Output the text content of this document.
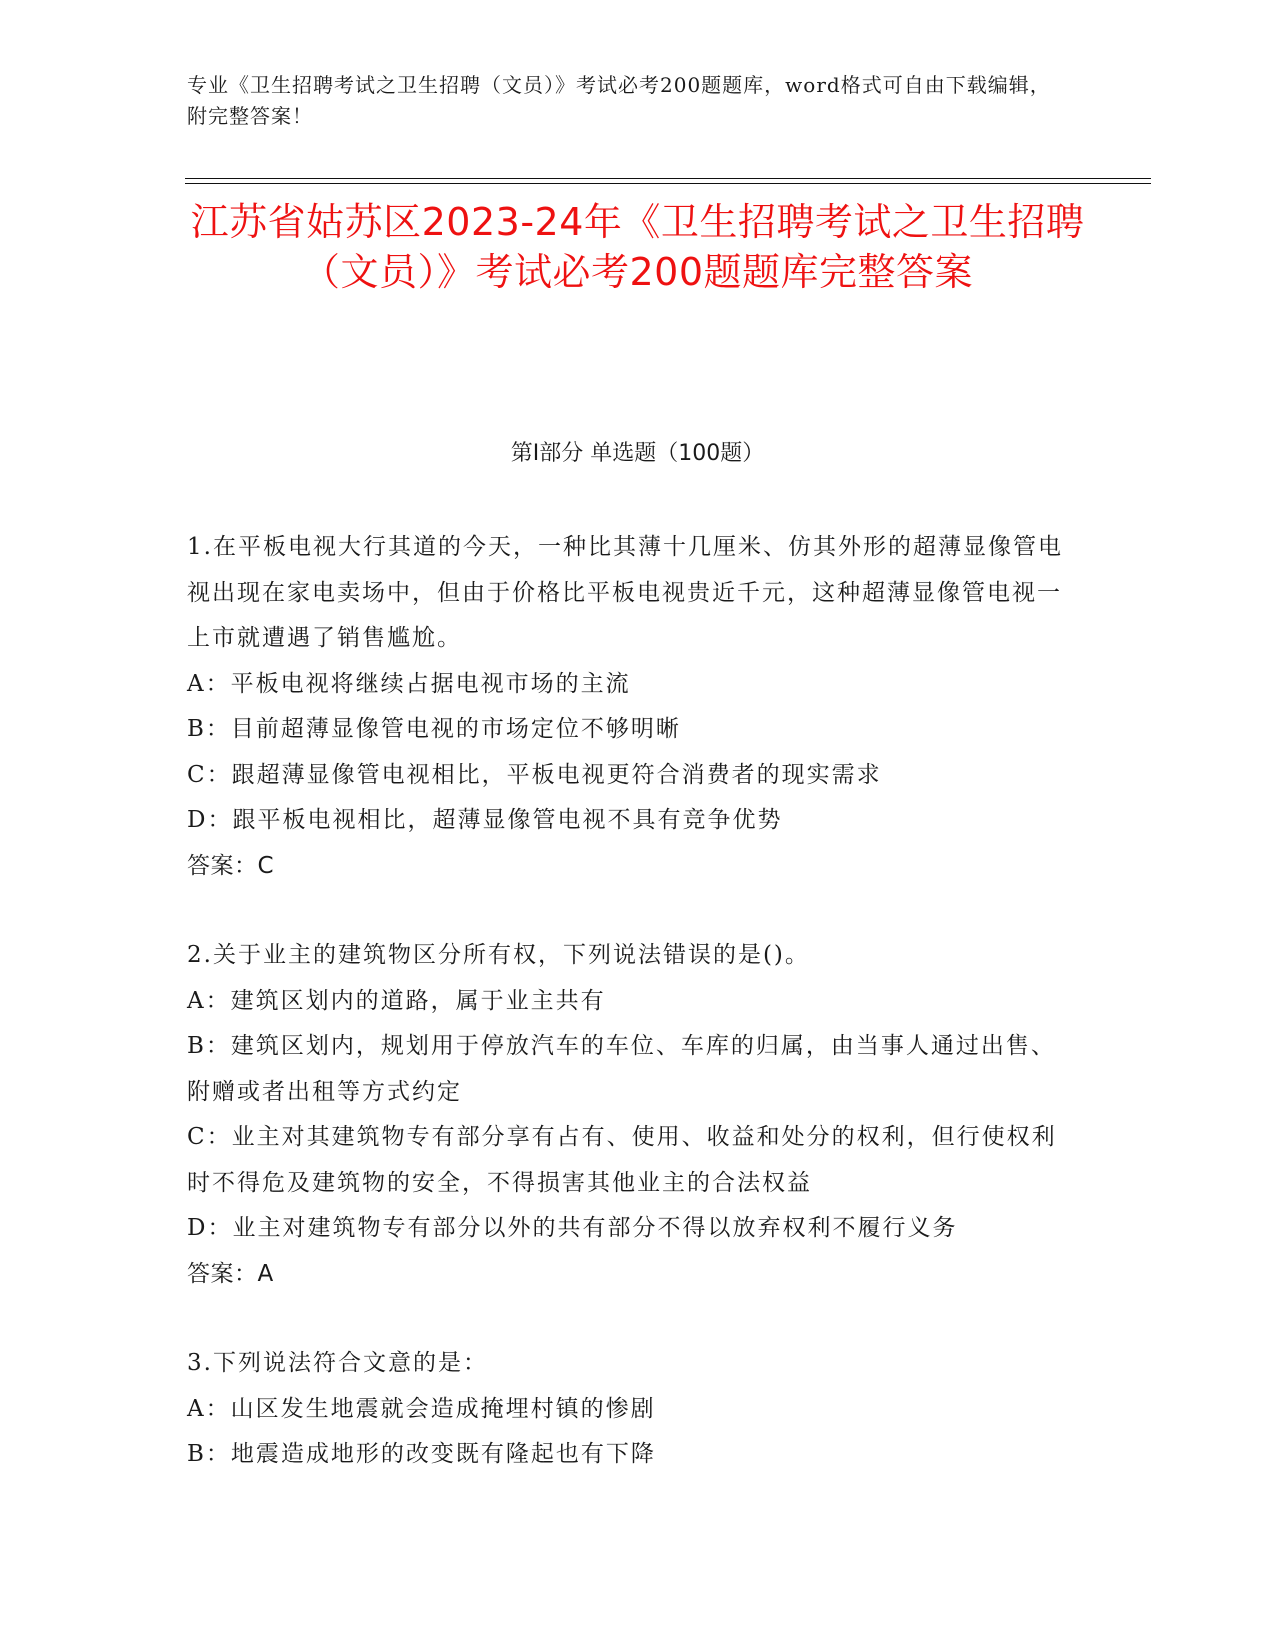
专业《卫生招聘考试之卫生招聘（文员）》考试必考200题题库，word格式可自由下载编辑，附完整答案！
江苏省姑苏区2023-24年《卫生招聘考试之卫生招聘（文员）》考试必考200题题库完整答案
第Ⅰ部分 单选题（100题）

1.在平板电视大行其道的今天，一种比其薄十几厘米、仿其外形的超薄显像管电视出现在家电卖场中，但由于价格比平板电视贵近千元，这种超薄显像管电视一上市就遭遇了销售尴尬。

A：平板电视将继续占据电视市场的主流

B：目前超薄显像管电视的市场定位不够明晰

C：跟超薄显像管电视相比，平板电视更符合消费者的现实需求

D：跟平板电视相比，超薄显像管电视不具有竞争优势

答案：C

2.关于业主的建筑物区分所有权，下列说法错误的是()。

A：建筑区划内的道路，属于业主共有

B：建筑区划内，规划用于停放汽车的车位、车库的归属，由当事人通过出售、附赠或者出租等方式约定

C：业主对其建筑物专有部分享有占有、使用、收益和处分的权利，但行使权利时不得危及建筑物的安全，不得损害其他业主的合法权益

D：业主对建筑物专有部分以外的共有部分不得以放弃权利不履行义务

答案：A

3.下列说法符合文意的是：

A：山区发生地震就会造成掩埋村镇的惨剧

B：地震造成地形的改变既有隆起也有下降
